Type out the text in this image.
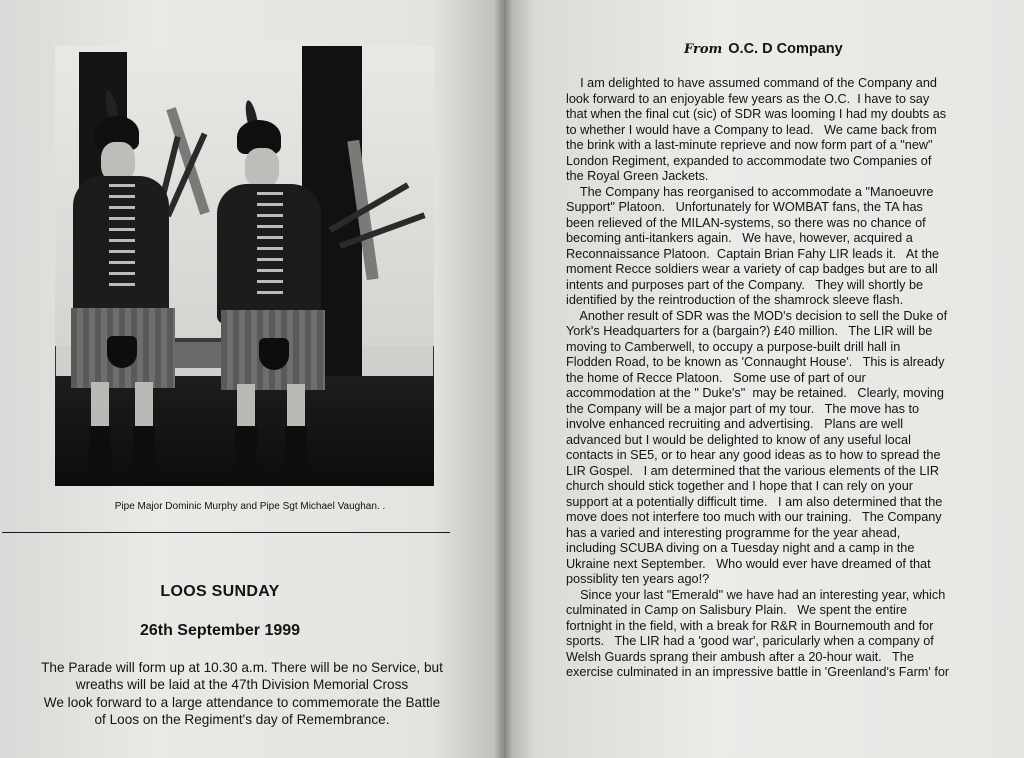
Pipe Major Dominic Murphy and Pipe Sgt Michael Vaughan. .
LOOS SUNDAY
26th September 1999
The Parade will form up at 10.30 a.m. There will be no Service, but
wreaths will be laid at the 47th Division Memorial Cross
We look forward to a large attendance to commemorate the Battle
of Loos on the Regiment's day of Remembrance.
From O.C. D Company
I am delighted to have assumed command of the Company and
look forward to an enjoyable few years as the O.C.  I have to say
that when the final cut (sic) of SDR was looming I had my doubts as
to whether I would have a Company to lead.   We came back from
the brink with a last-minute reprieve and now form part of a "new"
London Regiment, expanded to accommodate two Companies of
the Royal Green Jackets.
The Company has reorganised to accommodate a "Manoeuvre
Support" Platoon.   Unfortunately for WOMBAT fans, the TA has
been relieved of the MILAN-systems, so there was no chance of
becoming anti-itankers again.   We have, however, acquired a
Reconnaissance Platoon.  Captain Brian Fahy LIR leads it.   At the
moment Recce soldiers wear a variety of cap badges but are to all
intents and purposes part of the Company.   They will shortly be
identified by the reintroduction of the shamrock sleeve flash.
Another result of SDR was the MOD's decision to sell the Duke of
York's Headquarters for a (bargain?) £40 million.   The LIR will be
moving to Camberwell, to occupy a purpose-built drill hall in
Flodden Road, to be known as 'Connaught House'.   This is already
the home of Recce Platoon.   Some use of part of our
accommodation at the " Duke's"  may be retained.   Clearly, moving
the Company will be a major part of my tour.   The move has to
involve enhanced recruiting and advertising.   Plans are well
advanced but I would be delighted to know of any useful local
contacts in SE5, or to hear any good ideas as to how to spread the
LIR Gospel.   I am determined that the various elements of the LIR
church should stick together and I hope that I can rely on your
support at a potentially difficult time.   I am also determined that the
move does not interfere too much with our training.   The Company
has a varied and interesting programme for the year ahead,
including SCUBA diving on a Tuesday night and a camp in the
Ukraine next September.   Who would ever have dreamed of that
possiblity ten years ago!?
Since your last "Emerald" we have had an interesting year, which
culminated in Camp on Salisbury Plain.   We spent the entire
fortnight in the field, with a break for R&R in Bournemouth and for
sports.   The LIR had a 'good war', paricularly when a company of
Welsh Guards sprang their ambush after a 20-hour wait.   The
exercise culminated in an impressive battle in 'Greenland's Farm' for
